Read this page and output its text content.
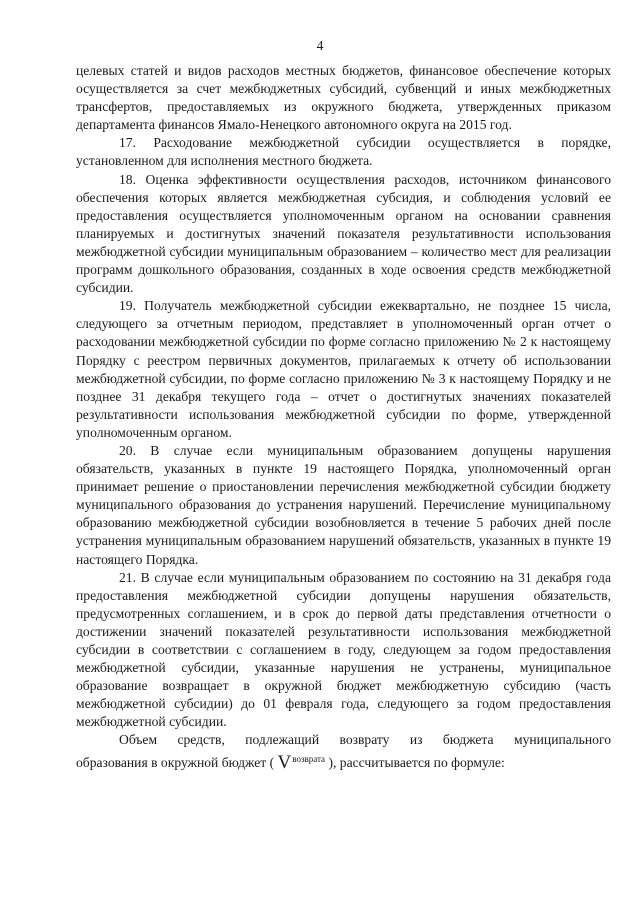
4

целевых статей и видов расходов местных бюджетов, финансовое обеспечение которых осуществляется за счет межбюджетных субсидий, субвенций и иных межбюджетных трансфертов, предоставляемых из окружного бюджета, утвержденных приказом департамента финансов Ямало-Ненецкого автономного округа на 2015 год.

17. Расходование межбюджетной субсидии осуществляется в порядке, установленном для исполнения местного бюджета.

18. Оценка эффективности осуществления расходов, источником финансового обеспечения которых является межбюджетная субсидия, и соблюдения условий ее предоставления осуществляется уполномоченным органом на основании сравнения планируемых и достигнутых значений показателя результативности использования межбюджетной субсидии муниципальным образованием – количество мест для реализации программ дошкольного образования, созданных в ходе освоения средств межбюджетной субсидии.

19. Получатель межбюджетной субсидии ежеквартально, не позднее 15 числа, следующего за отчетным периодом, представляет в уполномоченный орган отчет о расходовании межбюджетной субсидии по форме согласно приложению № 2 к настоящему Порядку с реестром первичных документов, прилагаемых к отчету об использовании межбюджетной субсидии, по форме согласно приложению № 3 к настоящему Порядку и не позднее 31 декабря текущего года – отчет о достигнутых значениях показателей результативности использования межбюджетной субсидии по форме, утвержденной уполномоченным органом.

20. В случае если муниципальным образованием допущены нарушения обязательств, указанных в пункте 19 настоящего Порядка, уполномоченный орган принимает решение о приостановлении перечисления межбюджетной субсидии бюджету муниципального образования до устранения нарушений. Перечисление муниципальному образованию межбюджетной субсидии возобновляется в течение 5 рабочих дней после устранения муниципальным образованием нарушений обязательств, указанных в пункте 19 настоящего Порядка.

21. В случае если муниципальным образованием по состоянию на 31 декабря года предоставления межбюджетной субсидии допущены нарушения обязательств, предусмотренных соглашением, и в срок до первой даты представления отчетности о достижении значений показателей результативности использования межбюджетной субсидии в соответствии с соглашением в году, следующем за годом предоставления межбюджетной субсидии, указанные нарушения не устранены, муниципальное образование возвращает в окружной бюджет межбюджетную субсидию (часть межбюджетной субсидии) до 01 февраля года, следующего за годом предоставления межбюджетной субсидии.

Объем средств, подлежащий возврату из бюджета муниципального

образования в окружной бюджет ( $V^{возврата}$ ), рассчитывается по формуле:
